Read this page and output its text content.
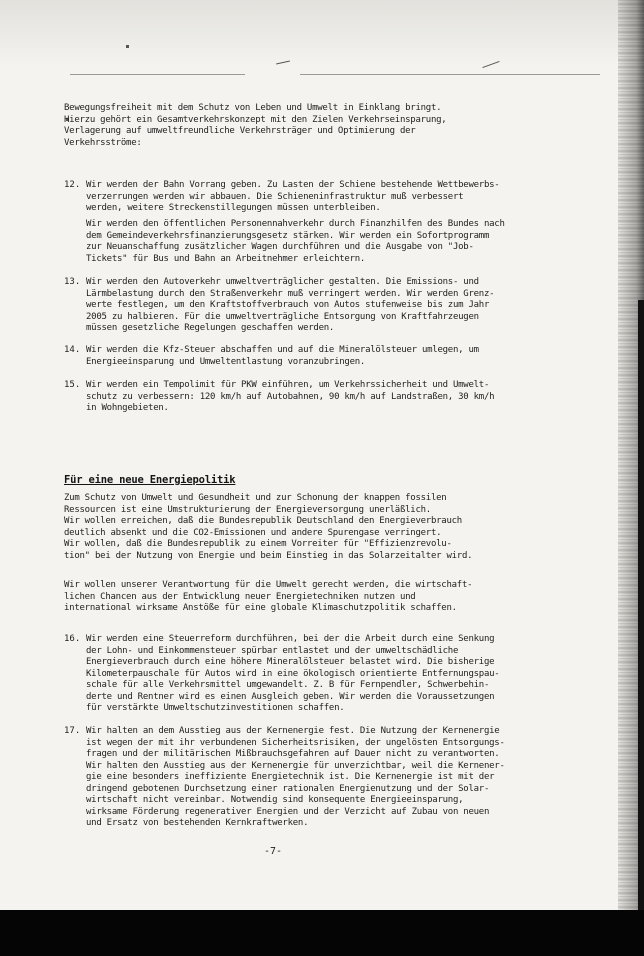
Bewegungsfreiheit mit dem Schutz von Leben und Umwelt in Einklang bringt.
Hierzu gehört ein Gesamtverkehrskonzept mit den Zielen Verkehrseinsparung,
Verlagerung auf umweltfreundliche Verkehrsträger und Optimierung der
Verkehrsströme:
12. Wir werden der Bahn Vorrang geben. Zu Lasten der Schiene bestehende Wettbewerbs-
verzerrungen werden wir abbauen. Die Schieneninfrastruktur muß verbessert
werden, weitere Streckenstillegungen müssen unterbleiben.
Wir werden den öffentlichen Personennahverkehr durch Finanzhilfen des Bundes nach
dem Gemeindeverkehrsfinanzierungsgesetz stärken. Wir werden ein Sofortprogramm
zur Neuanschaffung zusätzlicher Wagen durchführen und die Ausgabe von "Job-
Tickets" für Bus und Bahn an Arbeitnehmer erleichtern.
13. Wir werden den Autoverkehr umweltverträglicher gestalten. Die Emissions- und
Lärmbelastung durch den Straßenverkehr muß verringert werden. Wir werden Grenz-
werte festlegen, um den Kraftstoffverbrauch von Autos stufenweise bis zum Jahr
2005 zu halbieren. Für die umweltverträgliche Entsorgung von Kraftfahrzeugen
müssen gesetzliche Regelungen geschaffen werden.
14. Wir werden die Kfz-Steuer abschaffen und auf die Mineralölsteuer umlegen, um
Energieeinsparung und Umweltentlastung voranzubringen.
15. Wir werden ein Tempolimit für PKW einführen, um Verkehrssicherheit und Umwelt-
schutz zu verbessern: 120 km/h auf Autobahnen, 90 km/h auf Landstraßen, 30 km/h
in Wohngebieten.
Für eine neue Energiepolitik
Zum Schutz von Umwelt und Gesundheit und zur Schonung der knappen fossilen
Ressourcen ist eine Umstrukturierung der Energieversorgung unerläßlich.
Wir wollen erreichen, daß die Bundesrepublik Deutschland den Energieverbrauch
deutlich absenkt und die CO2-Emissionen und andere Spurengase verringert.
Wir wollen, daß die Bundesrepublik zu einem Vorreiter für "Effizienzrevolu-
tion" bei der Nutzung von Energie und beim Einstieg in das Solarzeitalter wird.
Wir wollen unserer Verantwortung für die Umwelt gerecht werden, die wirtschaft-
lichen Chancen aus der Entwicklung neuer Energietechniken nutzen und
international wirksame Anstöße für eine globale Klimaschutzpolitik schaffen.
16. Wir werden eine Steuerreform durchführen, bei der die Arbeit durch eine Senkung
der Lohn- und Einkommensteuer spürbar entlastet und der umweltschädliche
Energieverbrauch durch eine höhere Mineralölsteuer belastet wird. Die bisherige
Kilometerpauschale für Autos wird in eine ökologisch orientierte Entfernungspau-
schale für alle Verkehrsmittel umgewandelt. Z. B für Fernpendler, Schwerbehin-
derte und Rentner wird es einen Ausgleich geben. Wir werden die Voraussetzungen
für verstärkte Umweltschutzinvestitionen schaffen.
17. Wir halten an dem Ausstieg aus der Kernenergie fest. Die Nutzung der Kernenergie
ist wegen der mit ihr verbundenen Sicherheitsrisiken, der ungelösten Entsorgungs-
fragen und der militärischen Mißbrauchsgefahren auf Dauer nicht zu verantworten.
Wir halten den Ausstieg aus der Kernenergie für unverzichtbar, weil die Kernener-
gie eine besonders ineffiziente Energietechnik ist. Die Kernenergie ist mit der
dringend gebotenen Durchsetzung einer rationalen Energienutzung und der Solar-
wirtschaft nicht vereinbar. Notwendig sind konsequente Energieeinsparung,
wirksame Förderung regenerativer Energien und der Verzicht auf Zubau von neuen
und Ersatz von bestehenden Kernkraftwerken.
-7-
